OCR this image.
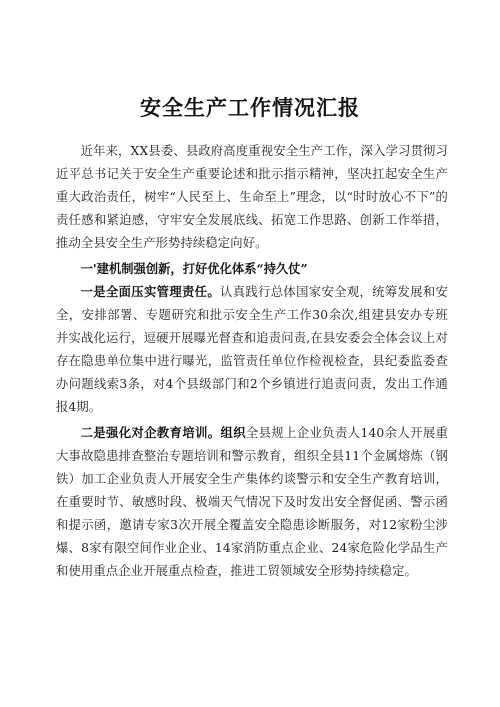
安全生产工作情况汇报

近年来，XX县委、县政府高度重视安全生产工作，深入学习贯彻习近平总书记关于安全生产重要论述和批示指示精神，坚决扛起安全生产重大政治责任，树牢“人民至上、生命至上”理念，以“时时放心不下”的责任感和紧迫感，守牢安全发展底线、拓宽工作思路、创新工作举措，推动全县安全生产形势持续稳定向好。

一'建机制强创新，打好优化体系“持久仗”

一是全面压实管理责任。认真践行总体国家安全观，统筹发展和安全，安排部署、专题研究和批示安全生产工作30余次,组建县安办专班并实战化运行，逗硬开展曝光督查和追责问责,在县安委会全体会议上对存在隐患单位集中进行曝光，监管责任单位作检视检查，县纪委监委查办问题线索3条，对4个县级部门和2个乡镇进行追责问责，发出工作通报4期。

二是强化对企教育培训。组织全县规上企业负责人140余人开展重大事故隐患排查整治专题培训和警示教育，组织全县11个金属熔炼（钢铁）加工企业负责人开展安全生产集体约谈警示和安全生产教育培训，在重要时节、敏感时段、极端天气情况下及时发出安全督促函、警示函和提示函，邀请专家3次开展全覆盖安全隐患诊断服务，对12家粉尘涉爆、8家有限空间作业企业、14家消防重点企业、24家危险化学品生产和使用重点企业开展重点检查，推进工贸领域安全形势持续稳定。
